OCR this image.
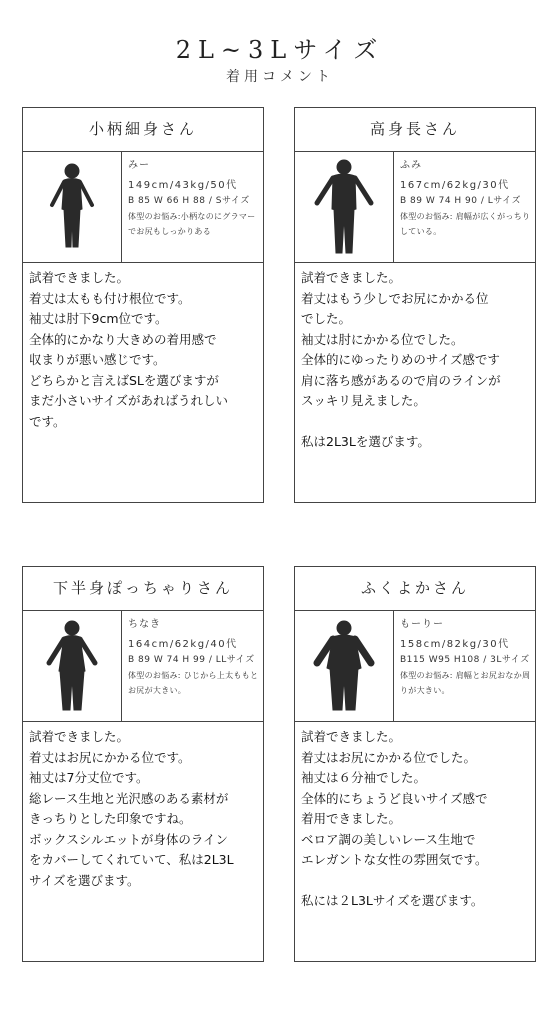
2L~3Lサイズ
着用コメント
小柄細身さん
みー
149cm/43kg/50代
B 85 W 66 H 88 / Sサイズ
体型のお悩み:小柄なのにグラマーでお尻もしっかりある

試着できました。

着丈は太もも付け根位です。

袖丈は肘下9cm位です。

全体的にかなり大きめの着用感で

収まりが悪い感じです。

どちらかと言えばSLを選びますが

まだ小さいサイズがあればうれしい

です。

高身長さん
ふみ
167cm/62kg/30代
B 89 W 74 H 90 / Lサイズ
体型のお悩み: 肩幅が広くがっちりしている。

試着できました。

着丈はもう少しでお尻にかかる位

でした。

袖丈は肘にかかる位でした。

全体的にゆったりめのサイズ感です

肩に落ち感があるので肩のラインが

スッキリ見えました。

私は2L3Lを選びます。

下半身ぽっちゃりさん
ちなき
164cm/62kg/40代
B 89 W 74 H 99 / LLサイズ
体型のお悩み: ひじから上太ももとお尻が大きい。

試着できました。

着丈はお尻にかかる位です。

袖丈は7分丈位です。

総レース生地と光沢感のある素材が

きっちりとした印象ですね。

ボックスシルエットが身体のライン

をカバーしてくれていて、私は2L3L

サイズを選びます。

ふくよかさん
もーりー
158cm/82kg/30代
B115 W95 H108 / 3Lサイズ
体型のお悩み: 肩幅とお尻おなか周りが大きい。

試着できました。

着丈はお尻にかかる位でした。

袖丈は６分袖でした。

全体的にちょうど良いサイズ感で

着用できました。

ベロア調の美しいレース生地で

エレガントな女性の雰囲気です。

私には２L3Lサイズを選びます。
